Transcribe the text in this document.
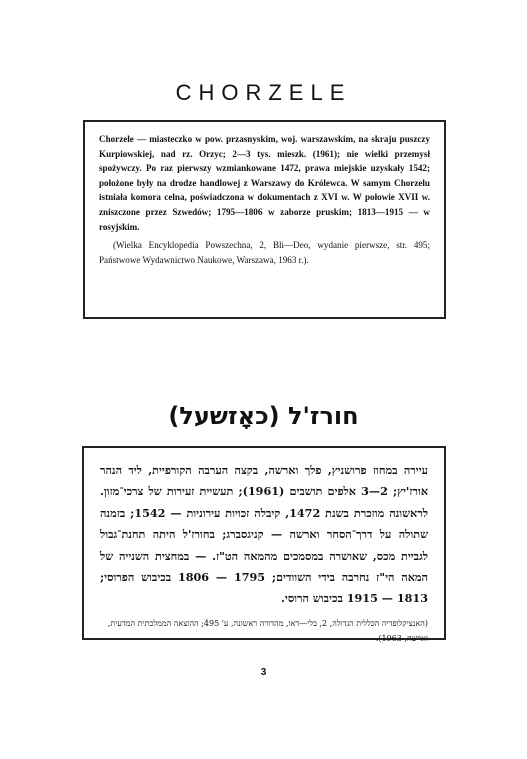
CHORZELE
Chorzele — miasteczko w pow. przasnyskim, woj. warszawskim, na skraju puszczy Kurpiowskiej, nad rz. Orzyc; 2—3 tys. mieszk. (1961); nie wielki przemysł spożywczy. Po raz pierwszy wzmiankowane 1472, prawa miejskie uzyskały 1542; położone były na drodze handlowej z Warszawy do Królewca. W samym Chorzelu istniała komora celna, poświadczona w dokumentach z XVI w. W połowie XVII w. zniszczone przez Szwedów; 1795—1806 w zaborze pruskim; 1813—1915 — w rosyjskim.
(Wielka Encyklopedia Powszechna, 2, Bli—Deo, wydanie pierwsze, str. 495; Państwowe Wydawnictwo Naukowe, Warszawa, 1963 r.).
חורז'ל (כאָזשעל)
עיירה במחוז פרושניץ, פלך וארשה, בקצה הערבה הקורפיית, ליד הנהר אורז'יץ; 2—3 אלפים תושבים (1961); תעשיית זעירות של צרכי־מזון. לראשונה מוזכרת בשנת 1472, קיבלה זכויות עירוניות — 1542; בזמנה שתולה על דרך־הסחר וארשה — קניגסברג; בחורז'ל היתה תחנת־גבול לגביית מכס, שאושרה במסמכים מהמאה הט"ז. — במחצית השנייה של המאה הי"ז נחרבה בידי השוודים; 1795 — 1806 בכיבוש הפרוסי; 1813 — 1915 בכיבוש הרוסי.
(האנציקלופדיה הכללית הגדולה, 2, בלי—דאו, מהדורה ראשונה, ע' 495; ההוצאה הממלכתית המדעית, וארשה, 1963).
3
